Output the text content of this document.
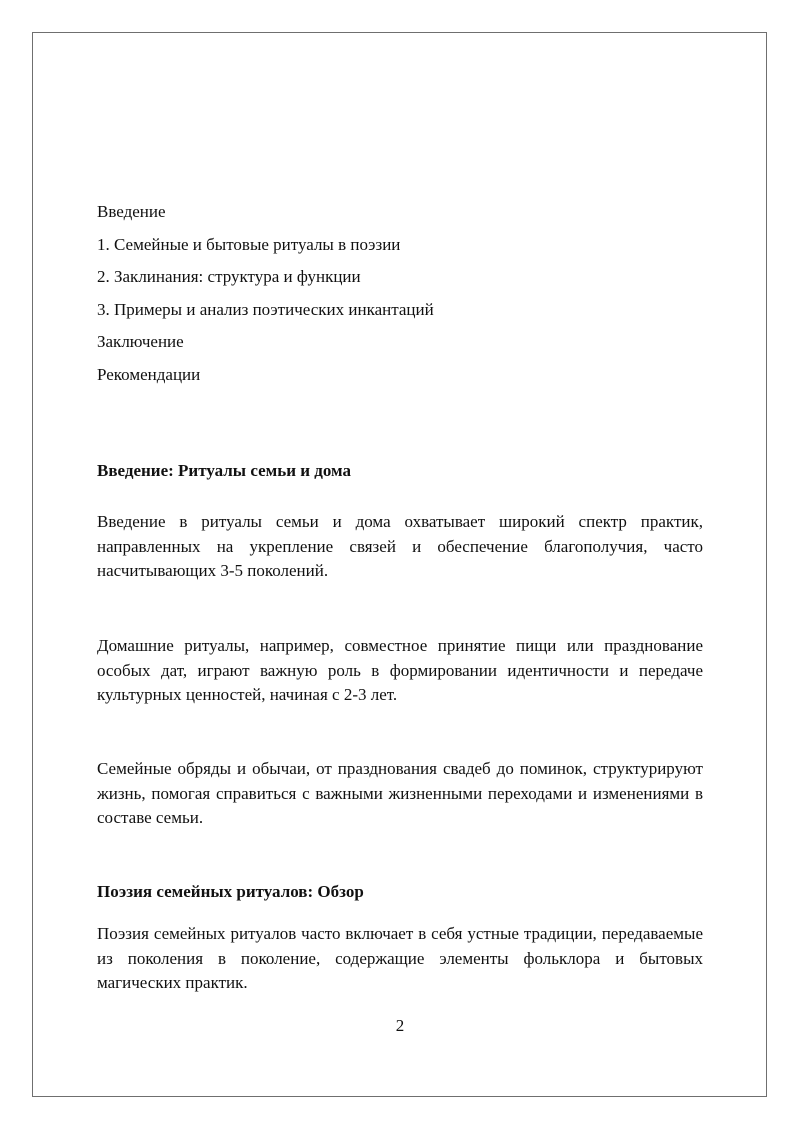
Введение
1. Семейные и бытовые ритуалы в поэзии
2. Заклинания: структура и функции
3. Примеры и анализ поэтических инкантаций
Заключение
Рекомендации
Введение: Ритуалы семьи и дома

Введение в ритуалы семьи и дома охватывает широкий спектр практик, направленных на укрепление связей и обеспечение благополучия, часто насчитывающих 3-5 поколений.

Домашние ритуалы, например, совместное принятие пищи или празднование особых дат, играют важную роль в формировании идентичности и передаче культурных ценностей, начиная с 2-3 лет.

Семейные обряды и обычаи, от празднования свадеб до поминок, структурируют жизнь, помогая справиться с важными жизненными переходами и изменениями в составе семьи.

Поэзия семейных ритуалов: Обзор

Поэзия семейных ритуалов часто включает в себя устные традиции, передаваемые из поколения в поколение, содержащие элементы фольклора и бытовых магических практик.

2
